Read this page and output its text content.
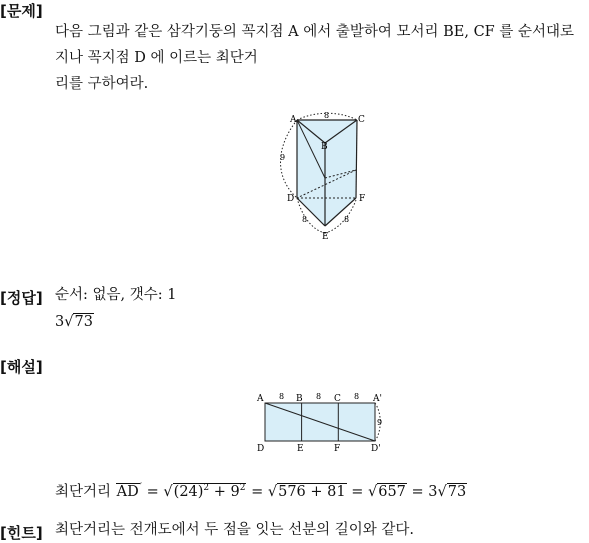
[문제]
다음 그림과 같은 삼각기둥의 꼭지점 A 에서 출발하여 모서리 BE, CF 를 순서대로
지나 꼭지점 D 에 이르는 최단거
리를 구하여라.
A
B
C
D
E
F
8
9
8	8
[정답] 순서: 없음, 갯수: 1
3√73
[해설]
A	B	C	A'
8	8	8
9
D	E	F	D'
최단거리 $AD' = √(24)^2 + 9^2 = √576 + 81 = √657 = 3√73$
[힌트] 최단거리는 전개도에서 두 점을 잇는 선분의 길이와 같다.
